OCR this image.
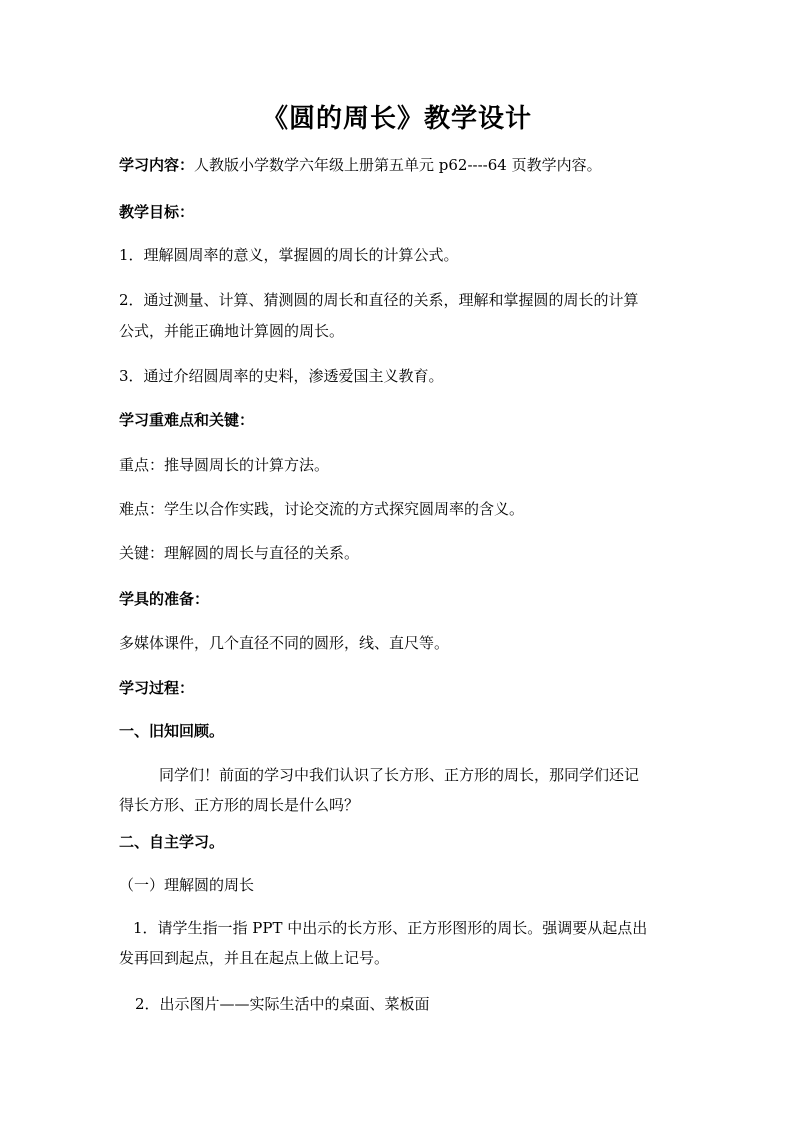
《圆的周长》教学设计
学习内容：人教版小学数学六年级上册第五单元 p62----64 页教学内容。
教学目标：
1．理解圆周率的意义，掌握圆的周长的计算公式。
2．通过测量、计算、猜测圆的周长和直径的关系，理解和掌握圆的周长的计算
公式，并能正确地计算圆的周长。
3．通过介绍圆周率的史料，渗透爱国主义教育。
学习重难点和关键：
重点：推导圆周长的计算方法。
难点：学生以合作实践，讨论交流的方式探究圆周率的含义。
关键：理解圆的周长与直径的关系。
学具的准备：
多媒体课件，几个直径不同的圆形，线、直尺等。
学习过程：
一、旧知回顾。
同学们！前面的学习中我们认识了长方形、正方形的周长，那同学们还记
得长方形、正方形的周长是什么吗？
二、自主学习。
（一）理解圆的周长
1．请学生指一指 PPT 中出示的长方形、正方形图形的周长。强调要从起点出
发再回到起点，并且在起点上做上记号。
2．出示图片——实际生活中的桌面、菜板面
